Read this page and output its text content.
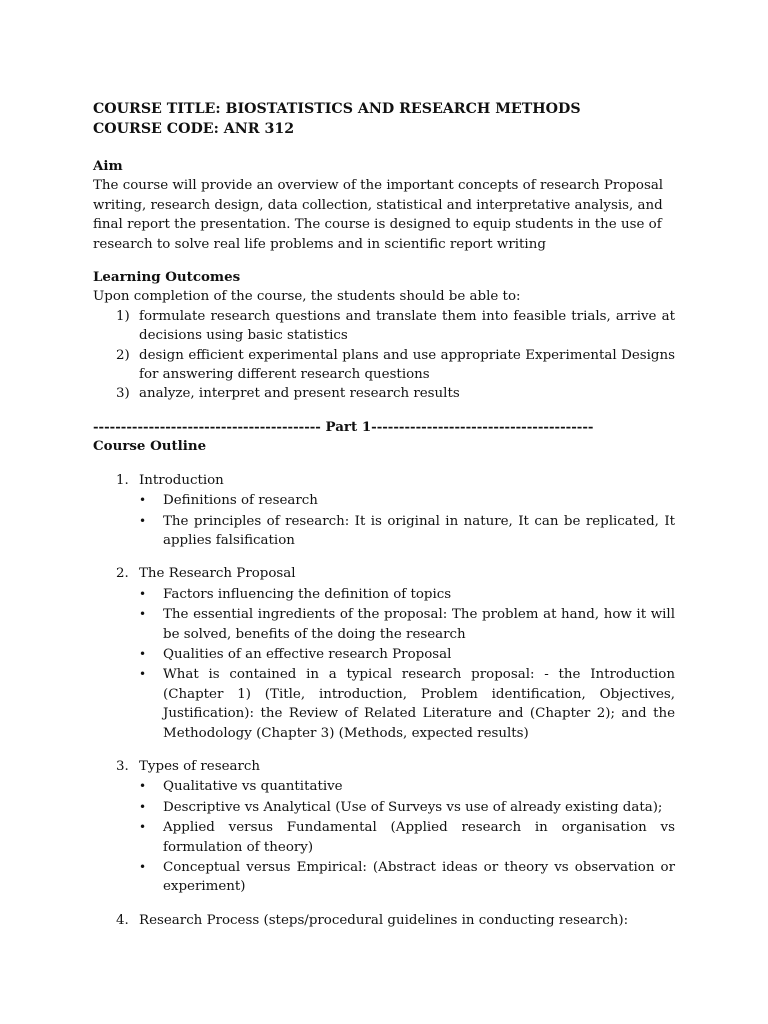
COURSE TITLE: BIOSTATISTICS AND RESEARCH METHODS

COURSE CODE: ANR 312

Aim

The course will provide an overview of the important concepts of research Proposal writing, research design, data collection, statistical and interpretative analysis, and final report the presentation. The course is designed to equip students in the use of research to solve real life problems and in scientific report writing

Learning Outcomes

Upon completion of the course, the students should be able to:

1) formulate research questions and translate them into feasible trials, arrive at decisions using basic statistics
2) design efficient experimental plans and use appropriate Experimental Designs for answering different research questions
3) analyze, interpret and present research results

----------------------------------------- Part 1----------------------------------------

Course Outline

1. Introduction
•	Definitions of research
•	The principles of research: It is original in nature, It can be replicated, It applies falsification
2. The Research Proposal
•	Factors influencing the definition of topics
•	The essential ingredients of the proposal: The problem at hand, how it will be solved, benefits of the doing the research
•	Qualities of an effective research Proposal
•	What is contained in a typical research proposal: - the Introduction (Chapter 1) (Title, introduction, Problem identification, Objectives, Justification): the Review of Related Literature and (Chapter 2); and the Methodology (Chapter 3) (Methods, expected results)
3. Types of research
•	Qualitative vs quantitative
•	Descriptive vs Analytical (Use of Surveys vs use of already existing data);
•	Applied versus Fundamental (Applied research in organisation vs formulation of theory)
•	Conceptual versus Empirical: (Abstract ideas or theory vs observation or experiment)
4. Research Process (steps/procedural guidelines in conducting research):
